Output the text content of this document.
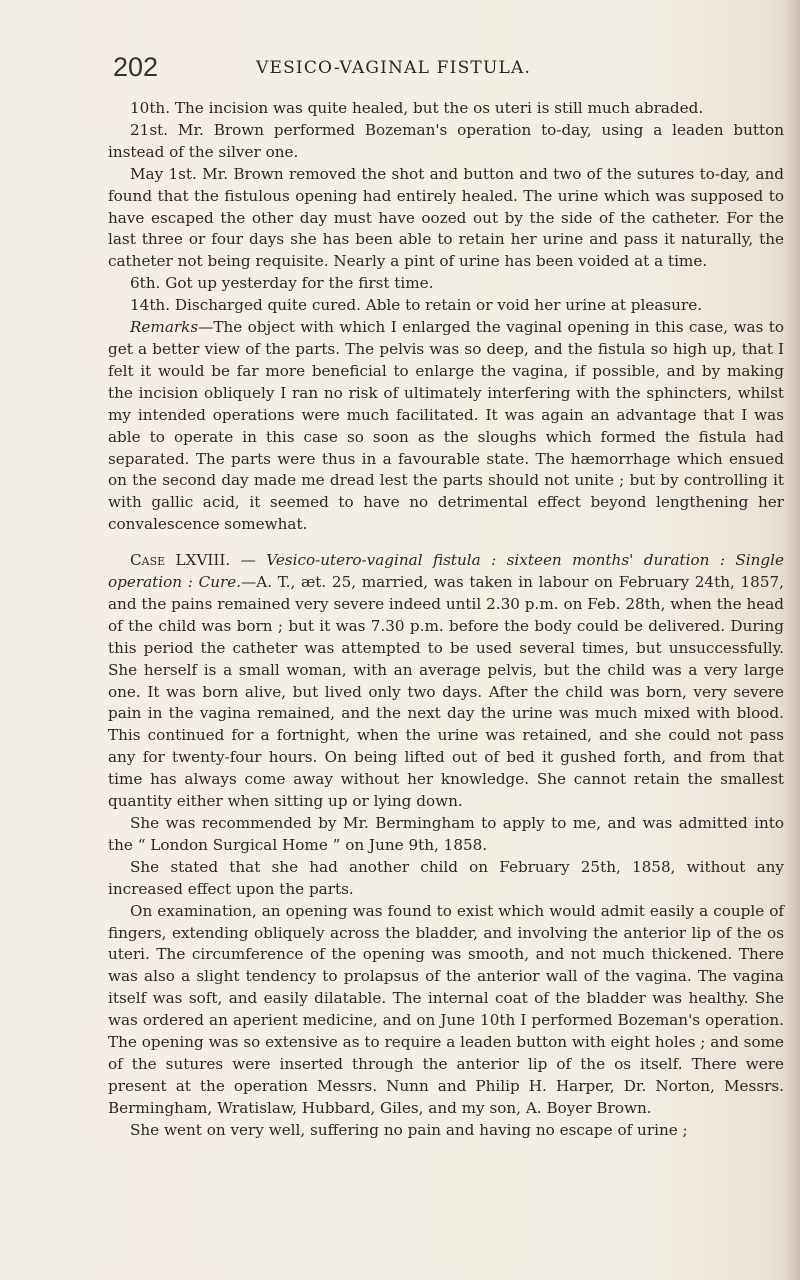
202	VESICO-VAGINAL FISTULA.

10th. The incision was quite healed, but the os uteri is still much abraded.

21st. Mr. Brown performed Bozeman's operation to-day, using a leaden button instead of the silver one.

May 1st. Mr. Brown removed the shot and button and two of the sutures to-day, and found that the fistulous opening had entirely healed. The urine which was supposed to have escaped the other day must have oozed out by the side of the catheter. For the last three or four days she has been able to retain her urine and pass it naturally, the catheter not being requisite. Nearly a pint of urine has been voided at a time.

6th. Got up yesterday for the first time.

14th. Discharged quite cured. Able to retain or void her urine at pleasure.

Remarks—The object with which I enlarged the vaginal opening in this case, was to get a better view of the parts. The pelvis was so deep, and the fistula so high up, that I felt it would be far more beneficial to enlarge the vagina, if possible, and by making the incision obliquely I ran no risk of ultimately interfering with the sphincters, whilst my intended operations were much facilitated. It was again an advantage that I was able to operate in this case so soon as the sloughs which formed the fistula had separated. The parts were thus in a favourable state. The hæmorrhage which ensued on the second day made me dread lest the parts should not unite ; but by controlling it with gallic acid, it seemed to have no detrimental effect beyond lengthening her convalescence somewhat.

Case LXVIII. — Vesico-utero-vaginal fistula : sixteen months' duration : Single operation : Cure.—A. T., æt. 25, married, was taken in labour on February 24th, 1857, and the pains remained very severe indeed until 2.30 p.m. on Feb. 28th, when the head of the child was born ; but it was 7.30 p.m. before the body could be delivered. During this period the catheter was attempted to be used several times, but unsuccessfully. She herself is a small woman, with an average pelvis, but the child was a very large one. It was born alive, but lived only two days. After the child was born, very severe pain in the vagina remained, and the next day the urine was much mixed with blood. This continued for a fortnight, when the urine was retained, and she could not pass any for twenty-four hours. On being lifted out of bed it gushed forth, and from that time has always come away without her knowledge. She cannot retain the smallest quantity either when sitting up or lying down.

She was recommended by Mr. Bermingham to apply to me, and was admitted into the “ London Surgical Home ” on June 9th, 1858.

She stated that she had another child on February 25th, 1858, without any increased effect upon the parts.

On examination, an opening was found to exist which would admit easily a couple of fingers, extending obliquely across the bladder, and involving the anterior lip of the os uteri. The circumference of the opening was smooth, and not much thickened. There was also a slight tendency to prolapsus of the anterior wall of the vagina. The vagina itself was soft, and easily dilatable. The internal coat of the bladder was healthy. She was ordered an aperient medicine, and on June 10th I performed Bozeman's operation. The opening was so extensive as to require a leaden button with eight holes ; and some of the sutures were inserted through the anterior lip of the os itself. There were present at the operation Messrs. Nunn and Philip H. Harper, Dr. Norton, Messrs. Bermingham, Wratislaw, Hubbard, Giles, and my son, A. Boyer Brown.

She went on very well, suffering no pain and having no escape of urine ;
